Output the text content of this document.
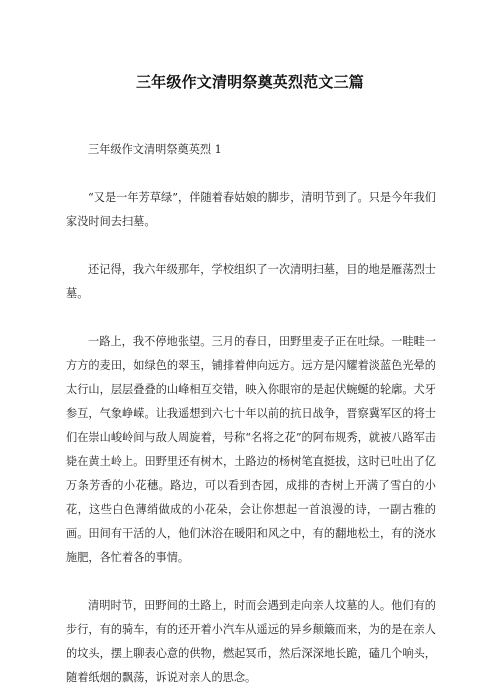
三年级作文清明祭奠英烈范文三篇

三年级作文清明祭奠英烈 1

“又是一年芳草绿”，伴随着春姑娘的脚步，清明节到了。只是今年我们家没时间去扫墓。

还记得，我六年级那年，学校组织了一次清明扫墓，目的地是雁荡烈士墓。

一路上，我不停地张望。三月的春日，田野里麦子正在吐绿。一畦畦一方方的麦田，如绿色的翠玉，铺排着伸向远方。远方是闪耀着淡蓝色光晕的太行山，层层叠叠的山峰相互交错，映入你眼帘的是起伏蜿蜒的轮廓。犬牙参互，气象峥嵘。让我遥想到六七十年以前的抗日战争，晋察冀军区的将士们在崇山峻岭间与敌人周旋着，号称“名将之花”的阿布规秀，就被八路军击毙在黄土岭上。田野里还有树木，土路边的杨树笔直挺拔，这时已吐出了亿万条芳香的小花穗。路边，可以看到杏园，成排的杏树上开满了雪白的小花，这些白色薄绡做成的小花朵，会让你想起一首浪漫的诗，一副古雅的画。田间有干活的人，他们沐浴在暖阳和风之中，有的翻地松土，有的浇水施肥，各忙着各的事情。

清明时节，田野间的土路上，时而会遇到走向亲人坟墓的人。他们有的步行，有的骑车，有的还开着小汽车从遥远的异乡颠簸而来，为的是在亲人的坟头，摆上聊表心意的供物，燃起冥币，然后深深地长跪，磕几个响头，随着纸烟的飘荡，诉说对亲人的思念。
